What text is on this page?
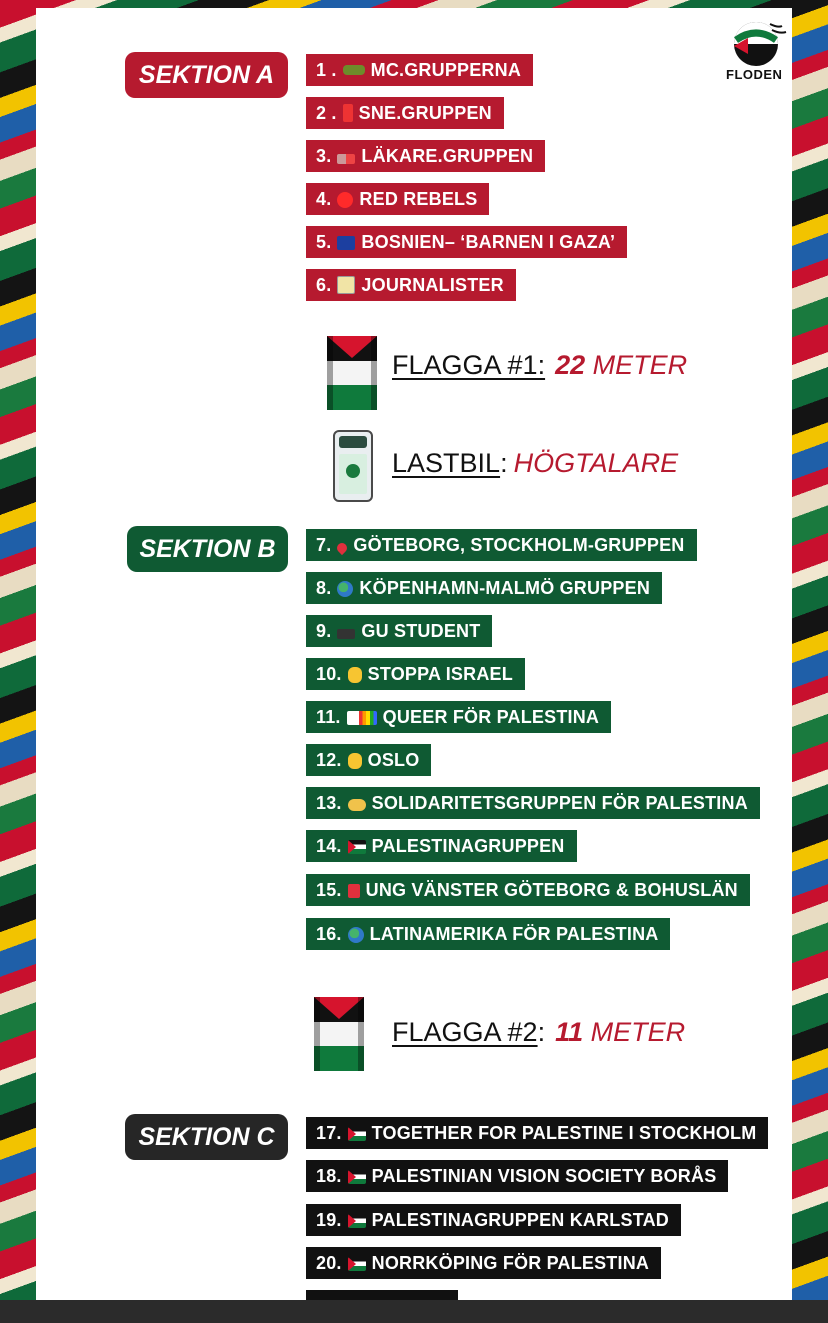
FLODEN
SEKTION A	1 . MC.GRUPPERNA
2 . SNE.GRUPPEN
3. LÄKARE.GRUPPEN
4. RED REBELS
5. BOSNIEN– ‘BARNEN I GAZA’
6. JOURNALISTER
FLAGGA #1: 22 METER
LASTBIL: HÖGTALARE
SEKTION B	7. GÖTEBORG, STOCKHOLM-GRUPPEN
8. KÖPENHAMN-MALMÖ GRUPPEN
9. GU STUDENT
10. STOPPA ISRAEL
11. QUEER FÖR PALESTINA
12. OSLO
13. SOLIDARITETSGRUPPEN FÖR PALESTINA
14. PALESTINAGRUPPEN
15. UNG VÄNSTER GÖTEBORG & BOHUSLÄN
16. LATINAMERIKA FÖR PALESTINA
FLAGGA #2: 11 METER
SEKTION C	17. TOGETHER FOR PALESTINE I STOCKHOLM
18. PALESTINIAN VISION SOCIETY BORÅS
19. PALESTINAGRUPPEN KARLSTAD
20. NORRKÖPING FÖR PALESTINA
